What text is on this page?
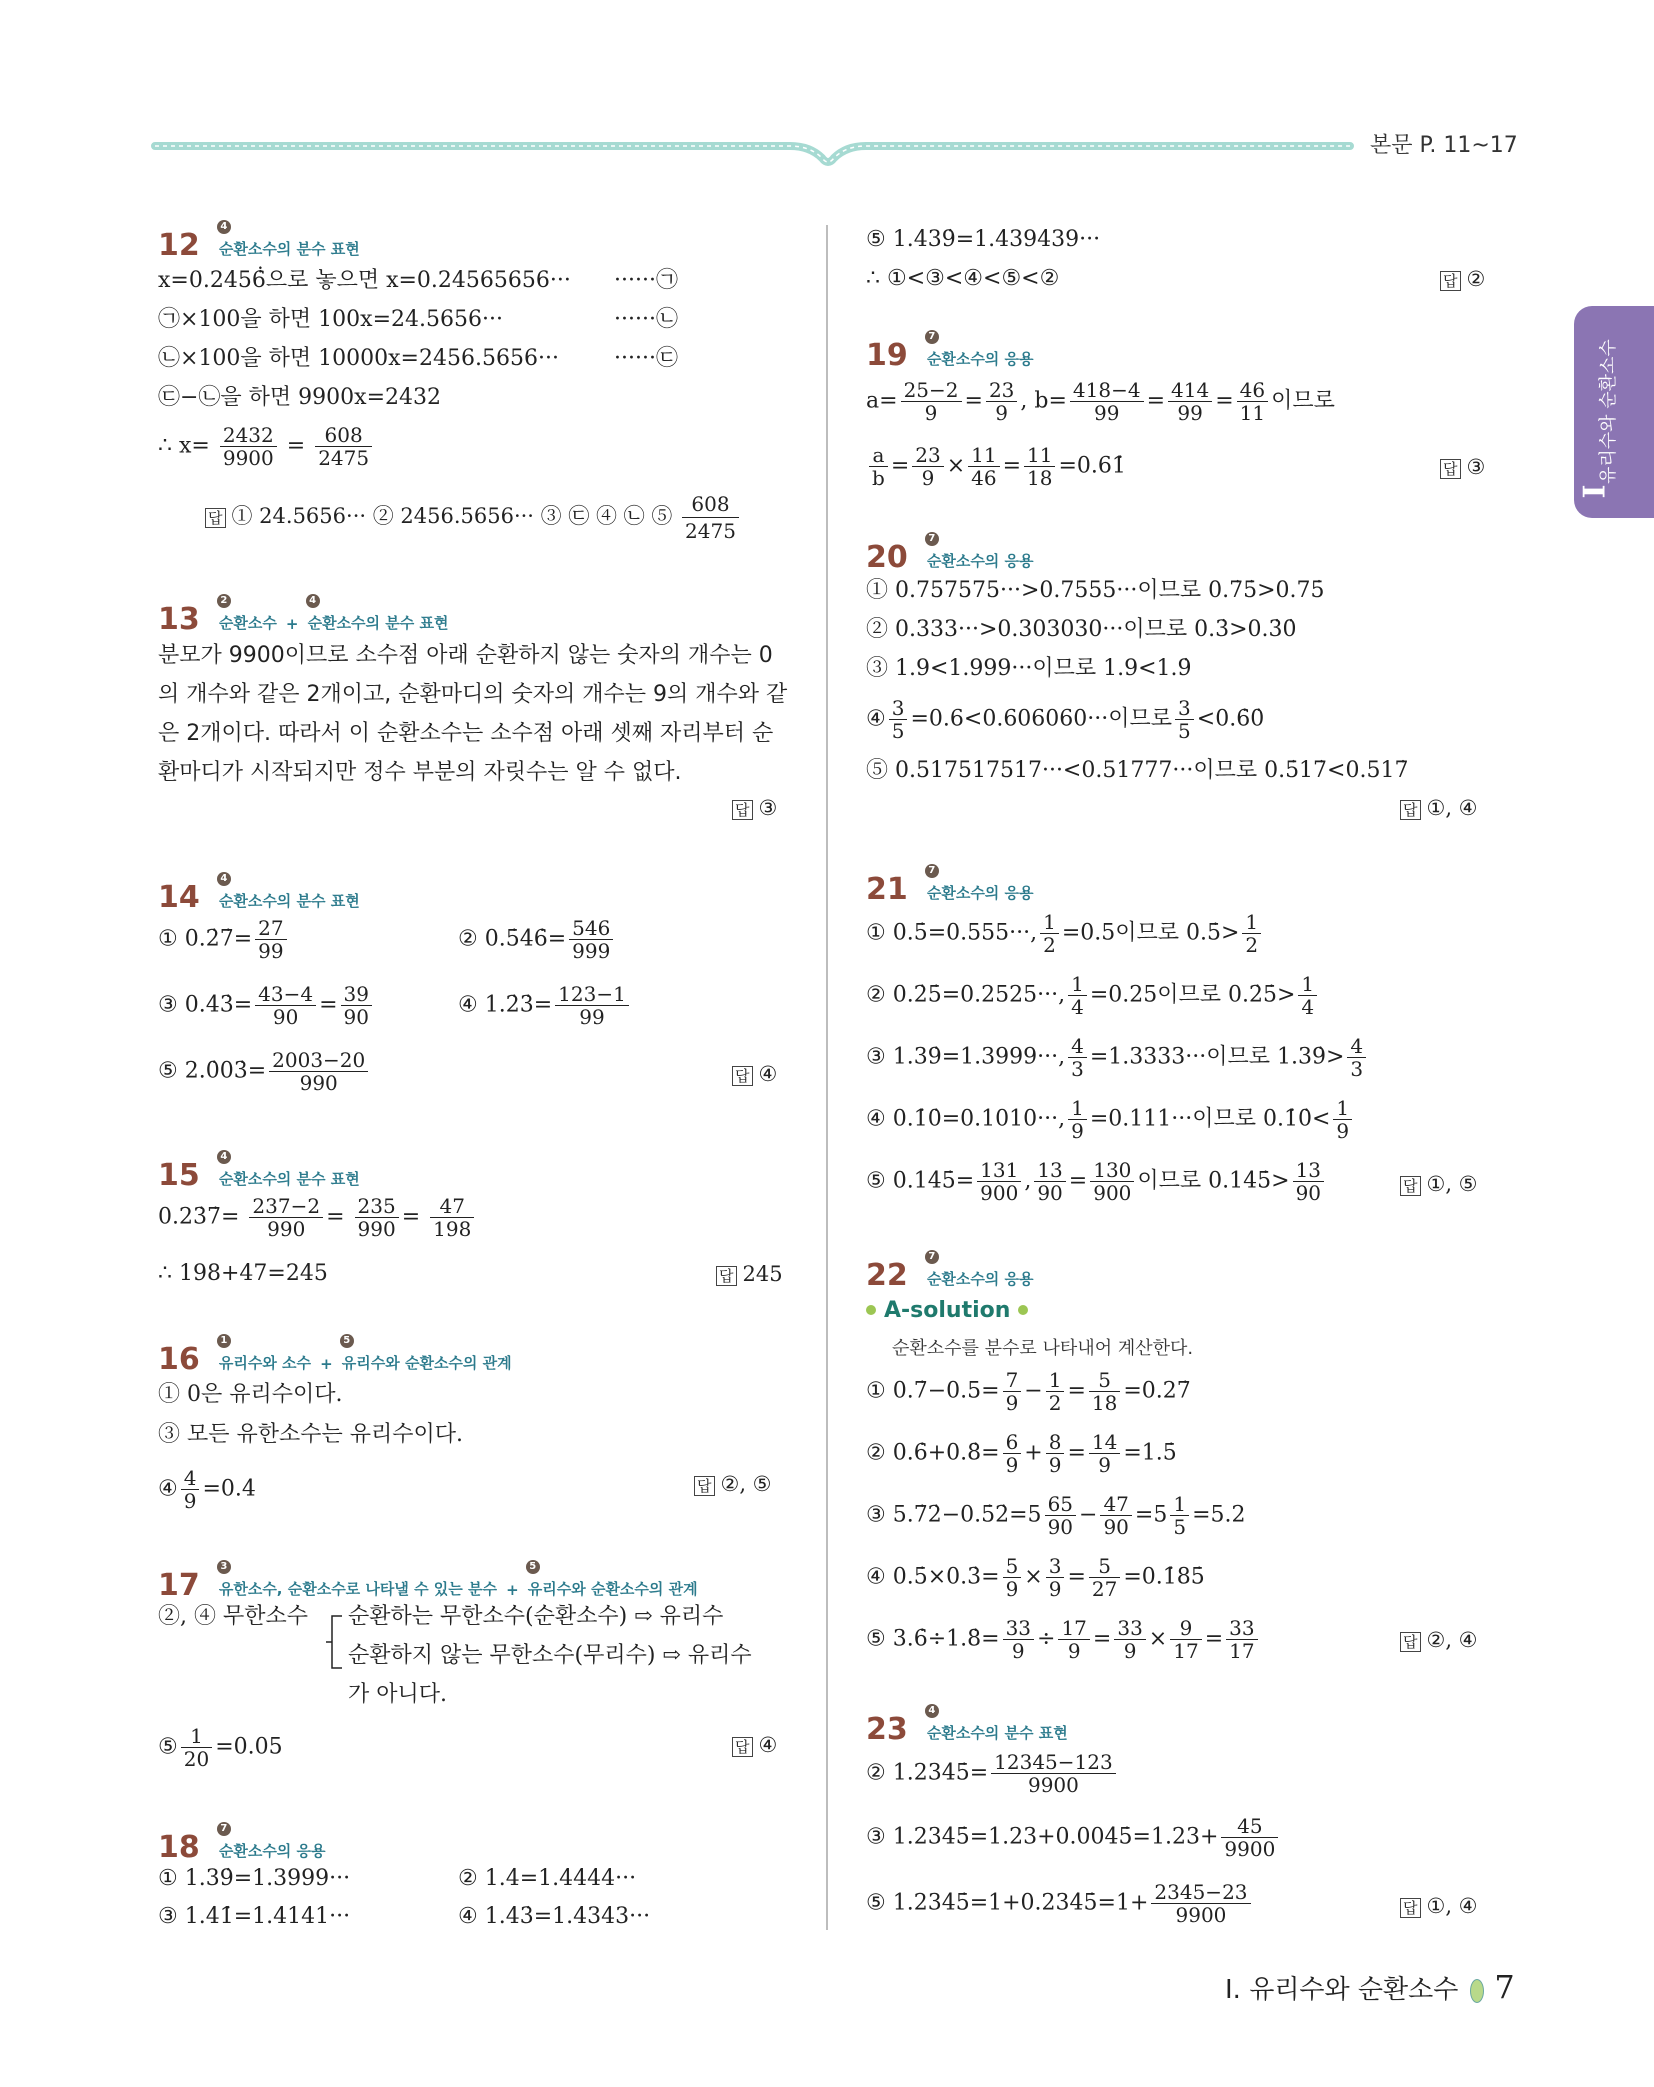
본문 P. 11~17
유리수와 순환소수
I
12
4
순환소수의 분수 표현
x=0.2456̇̇으로 놓으면 x=0.24565656··· ······㉠
㉠×100을 하면 100x=24.5656···	······㉡
㉡×100을 하면 10000x=2456.5656···	······㉢
㉢−㉡을 하면 9900x=2432
∴ $x= \frac{2432}{9900} = \frac{608}{2475}$
답 ① 24.5656··· ② 2456.5656··· ③ ㉢ ④ ㉡ ⑤ $\frac{608}{2475}$
13
2
순환소수 +
4
순환소수의 분수 표현
분모가 9900이므로 소수점 아래 순환하지 않는 숫자의 개수는 0의 개수와 같은 2개이고, 순환마디의 숫자의 개수는 9의 개수와 같은 2개이다. 따라서 이 순환소수는 소수점 아래 셋째 자리부터 순환마디가 시작되지만 정수 부분의 자릿수는 알 수 없다.
답 ③
14
4
순환소수의 분수 표현
① 0.2̇7̇= $\frac{27}{99}$	② 0.5̇46̇= $\frac{546}{999}$
③ 0.43̇= $\frac{43-4}{90} = \frac{39}{90}$	④ 1.2̇3̇= $\frac{123-1}{99}$
⑤ 2.0̇03̇= $\frac{2003-20}{990}$	답 ④
15
4
순환소수의 분수 표현
0.23̇7̇= $\frac{237-2}{990} = \frac{235}{990} = \frac{47}{198}$
∴ 198+47=245	답 245
16
1
유리수와 소수 +
5
유리수와 순환소수의 관계
① 0은 유리수이다.
③ 모든 유한소수는 유리수이다.
④ $\frac{4}{9}$ =0.4̇	답 ②, ⑤
17
3
유한소수, 순환소수로 나타낼 수 있는 분수 +
5
유리수와 순환소수의 관계
②, ④ 무한소수 순환하는 무한소수(순환소수) ⇨ 유리수
순환하지 않는 무한소수(무리수) ⇨ 유리수
가 아니다.
⑤ $\frac{1}{20} =0.05$	답 ④
18
7
순환소수의 응용
① 1.39̇=1.3999···	② 1.4̇=1.4444···
③ 1.4̇1̇=1.4141···	④ 1.43̇=1.4343···
⑤ 1.4̇39̇=1.439439···
∴ ①<③<④<⑤<②	답 ②
19
7
순환소수의 응용
$a= \frac{25-2}{9} = \frac{23}{9}$ , $b= \frac{418-4}{99} = \frac{414}{99} = \frac{46}{11}$ 이므로
$\frac{a}{b} = \frac{23}{9} \times \frac{11}{46} = \frac{11}{18}$ =0.61̇	답 ③
20
7
순환소수의 응용
① 0.757575···>0.7555···이므로 0.7̇5̇>0.75̇
② 0.333···>0.303030···이므로 0.3̇>0.3̇0̇
③ 1.9<1.999···이므로 1.9<1.9̇
④ $\frac{3}{5} =0.6<0.606060\cdot\cdot\cdot$이므로 $\frac{3}{5}$ <0.6̇0̇
⑤ 0.517517517···<0.51777···이므로 0.5̇17̇<0.517̇
답 ①, ④
21
7
순환소수의 응용
① 0.5̇=0.555···, $\frac{1}{2} =0.5$이므로 0.5̇> $\frac{1}{2}$
② 0.2̇5̇=0.2525···, $\frac{1}{4} =0.25$이므로 0.2̇5̇> $\frac{1}{4}$
③ 1.39̇=1.3999···, $\frac{4}{3} =1.3333\cdot\cdot\cdot$이므로 1.39̇> $\frac{4}{3}$
④ 0.1̇0̇=0.1010···, $\frac{1}{9} =0.111\cdot\cdot\cdot$이므로 0.1̇0̇< $\frac{1}{9}$
⑤ 0.14̇5̇= $\frac{131}{900}$ , $\frac{13}{90} = \frac{130}{900}$ 이므로 0.14̇5̇> $\frac{13}{90}$	답 ①, ⑤
22
7
순환소수의 응용
A-solution
순환소수를 분수로 나타내어 계산한다.
① 0.7̇−0.5= $\frac{7}{9} - \frac{1}{2} = \frac{5}{18}$ =0.27̇
② 0.6̇+0.8̇= $\frac{6}{9} + \frac{8}{9} = \frac{14}{9}$ =1.5̇
③ 5.7̇2̇−0.5̇2̇=5 $\frac{65}{90} - \frac{47}{90} =5 \frac{1}{5} =5.2$
④ 0.5̇×0.3̇= $\frac{5}{9} \times \frac{3}{9} = \frac{5}{27}$ =0.1̇85̇
⑤ 3.6̇÷1.8̇= $\frac{33}{9} \div \frac{17}{9} = \frac{33}{9} \times \frac{9}{17} = \frac{33}{17}$	답 ②, ④
23
4
순환소수의 분수 표현
② 1.234̇5̇= $\frac{12345-123}{9900}$
③ 1.234̇5̇=1.23+0.004̇5̇=1.23+ $\frac{45}{9900}$
⑤ 1.234̇5̇=1+0.234̇5̇=1+ $\frac{2345-23}{9900}$	답 ①, ④
I. 유리수와 순환소수 7
